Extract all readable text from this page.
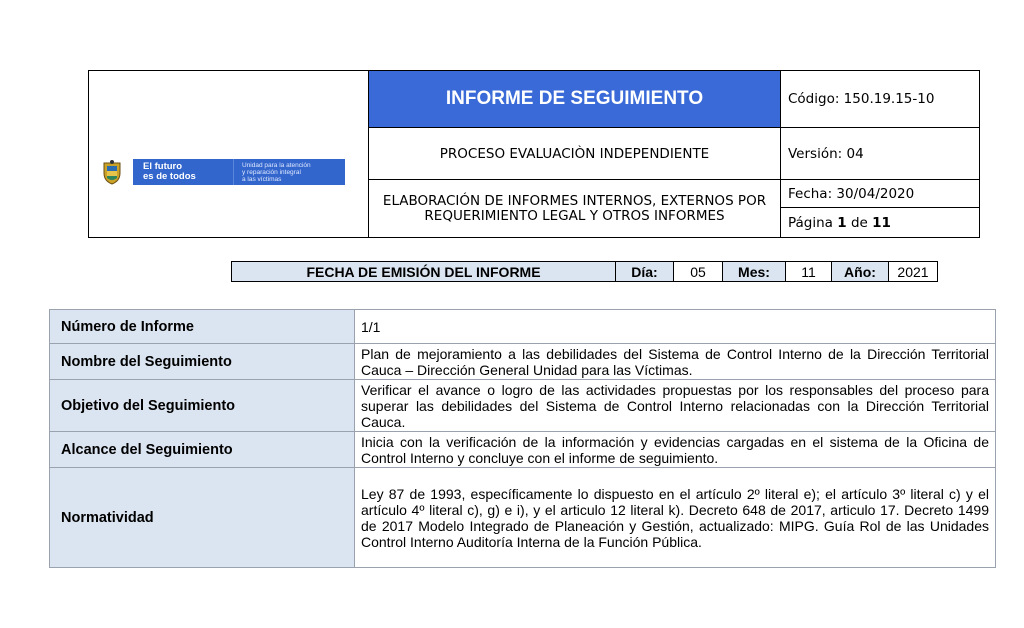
El futuro
es de todos
Unidad para la atención
y reparación integral
a las víctimas	INFORME DE SEGUIMIENTO	Código: 150.19.15-10
	PROCESO EVALUACIÒN INDEPENDIENTE	Versión: 04
	ELABORACIÓN DE INFORMES INTERNOS, EXTERNOS POR REQUERIMIENTO LEGAL Y OTROS INFORMES	Fecha: 30/04/2020
		Página 1 de 11
FECHA DE EMISIÓN DEL INFORME	Día:	05	Mes:	11	Año:	2021
Número de Informe	1/1
Nombre del Seguimiento	Plan de mejoramiento a las debilidades del Sistema de Control Interno de la Dirección Territorial Cauca – Dirección General Unidad para las Víctimas.
Objetivo del Seguimiento	Verificar el avance o logro de las actividades propuestas por los responsables del proceso para superar las debilidades del Sistema de Control Interno relacionadas con la Dirección Territorial Cauca.
Alcance del Seguimiento	Inicia con la verificación de la información y evidencias cargadas en el sistema de la Oficina de Control Interno y concluye con el informe de seguimiento.
Normatividad	Ley 87 de 1993, específicamente lo dispuesto en el artículo 2º literal e); el artículo 3º literal c) y el artículo 4º literal c), g) e i), y el articulo 12 literal k). Decreto 648 de 2017, articulo 17. Decreto 1499 de 2017 Modelo Integrado de Planeación y Gestión, actualizado: MIPG. Guía Rol de las Unidades Control Interno Auditoría Interna de la Función Pública.
